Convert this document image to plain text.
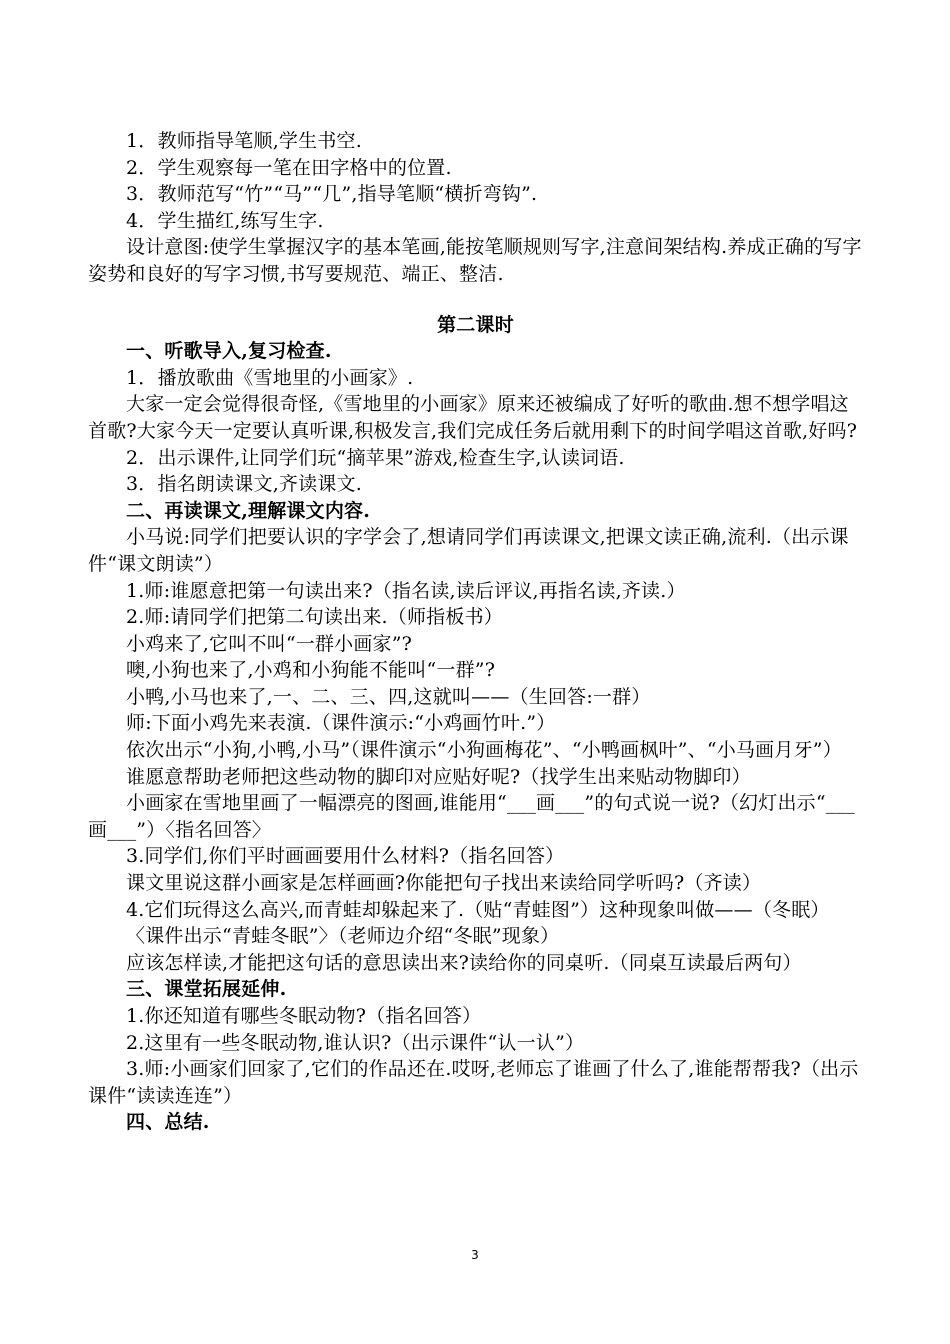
1．教师指导笔顺,学生书空.

2．学生观察每一笔在田字格中的位置.

3．教师范写“竹”“马”“几”,指导笔顺“横折弯钩”.

4．学生描红,练写生字.

设计意图:使学生掌握汉字的基本笔画,能按笔顺规则写字,注意间架结构.养成正确的写字姿势和良好的写字习惯,书写要规范、端正、整洁.

第二课时

一、听歌导入,复习检查.

1．播放歌曲《雪地里的小画家》.

大家一定会觉得很奇怪,《雪地里的小画家》原来还被编成了好听的歌曲.想不想学唱这首歌?大家今天一定要认真听课,积极发言,我们完成任务后就用剩下的时间学唱这首歌,好吗?

2．出示课件,让同学们玩“摘苹果”游戏,检查生字,认读词语.

3．指名朗读课文,齐读课文.

二、再读课文,理解课文内容.

小马说:同学们把要认识的字学会了,想请同学们再读课文,把课文读正确,流利.（出示课件“课文朗读”）

1.师:谁愿意把第一句读出来?（指名读,读后评议,再指名读,齐读.）

2.师:请同学们把第二句读出来.（师指板书）

小鸡来了,它叫不叫“一群小画家”?

噢,小狗也来了,小鸡和小狗能不能叫“一群”?

小鸭,小马也来了,一、二、三、四,这就叫——（生回答:一群）

师:下面小鸡先来表演.（课件演示:“小鸡画竹叶.”）

依次出示“小狗,小鸭,小马”（课件演示“小狗画梅花”、“小鸭画枫叶”、“小马画月牙”）

谁愿意帮助老师把这些动物的脚印对应贴好呢?（找学生出来贴动物脚印）

小画家在雪地里画了一幅漂亮的图画,谁能用“___画___”的句式说一说?（幻灯出示“___画___”）〈指名回答〉

3.同学们,你们平时画画要用什么材料?（指名回答）

课文里说这群小画家是怎样画画?你能把句子找出来读给同学听吗?（齐读）

4.它们玩得这么高兴,而青蛙却躲起来了.（贴“青蛙图”）这种现象叫做——（冬眠）

〈课件出示“青蛙冬眠”〉（老师边介绍“冬眠”现象）

应该怎样读,才能把这句话的意思读出来?读给你的同桌听.（同桌互读最后两句）

三、课堂拓展延伸.

1.你还知道有哪些冬眠动物?（指名回答）

2.这里有一些冬眠动物,谁认识?（出示课件“认一认”）

3.师:小画家们回家了,它们的作品还在.哎呀,老师忘了谁画了什么了,谁能帮帮我?（出示课件“读读连连”）

四、总结.

3
